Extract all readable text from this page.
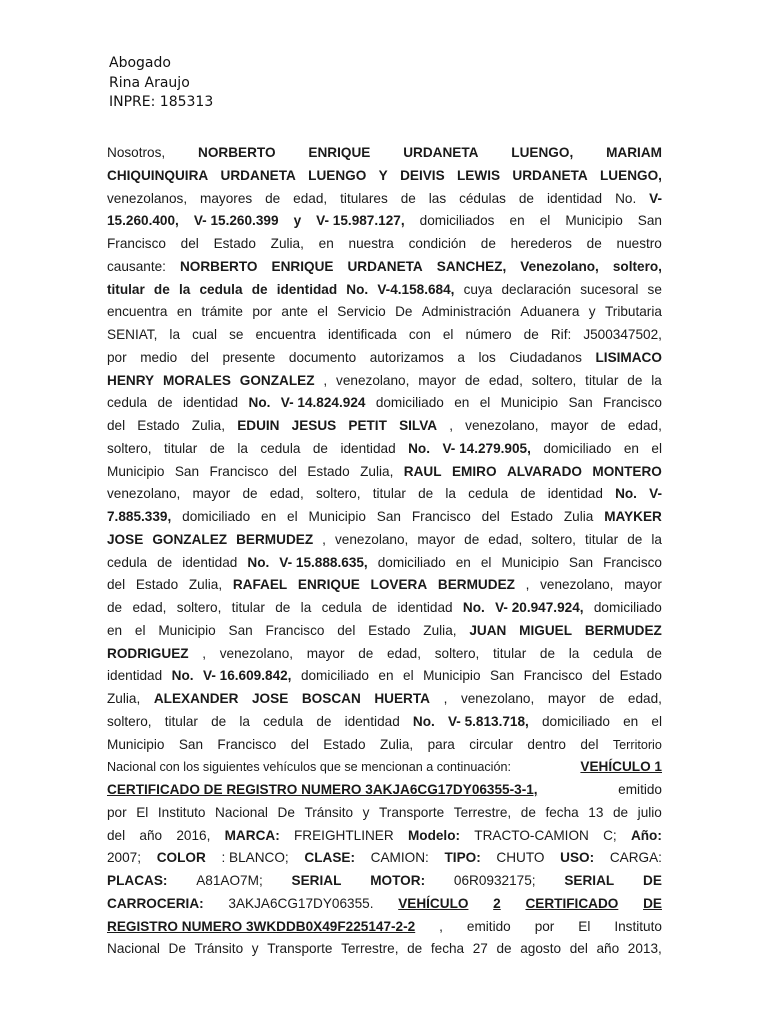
Abogado
Rina Araujo
INPRE: 185313
Nosotros, NORBERTO ENRIQUE URDANETA LUENGO, MARIAM
CHIQUINQUIRA URDANETA LUENGO Y DEIVIS LEWIS URDANETA LUENGO,
venezolanos, mayores de edad, titulares de las cédulas de identidad No. V-
15.260.400, V- 15.260.399 y V- 15.987.127, domiciliados en el Municipio San
Francisco del Estado Zulia, en nuestra condición de herederos de nuestro
causante: NORBERTO ENRIQUE URDANETA SANCHEZ, Venezolano, soltero,
titular de la cedula de identidad No. V-4.158.684, cuya declaración sucesoral se
encuentra en trámite por ante el Servicio De Administración Aduanera y Tributaria
SENIAT, la cual se encuentra identificada con el número de Rif: J500347502,
por medio del presente documento autorizamos a los Ciudadanos LISIMACO
HENRY MORALES GONZALEZ , venezolano, mayor de edad, soltero, titular de la
cedula de identidad No. V- 14.824.924 domiciliado en el Municipio San Francisco
del Estado Zulia, EDUIN JESUS PETIT SILVA , venezolano, mayor de edad,
soltero, titular de la cedula de identidad No. V- 14.279.905, domiciliado en el
Municipio San Francisco del Estado Zulia, RAUL EMIRO ALVARADO MONTERO
venezolano, mayor de edad, soltero, titular de la cedula de identidad No. V-
7.885.339, domiciliado en el Municipio San Francisco del Estado Zulia MAYKER
JOSE GONZALEZ BERMUDEZ , venezolano, mayor de edad, soltero, titular de la
cedula de identidad No. V- 15.888.635, domiciliado en el Municipio San Francisco
del Estado Zulia, RAFAEL ENRIQUE LOVERA BERMUDEZ , venezolano, mayor
de edad, soltero, titular de la cedula de identidad No. V- 20.947.924, domiciliado
en el Municipio San Francisco del Estado Zulia, JUAN MIGUEL BERMUDEZ
RODRIGUEZ , venezolano, mayor de edad, soltero, titular de la cedula de
identidad No. V- 16.609.842, domiciliado en el Municipio San Francisco del Estado
Zulia, ALEXANDER JOSE BOSCAN HUERTA , venezolano, mayor de edad,
soltero, titular de la cedula de identidad No. V- 5.813.718, domiciliado en el
Municipio San Francisco del Estado Zulia, para circular dentro del Territorio
Nacional con los siguientes vehículos que se mencionan a continuación:	VEHÍCULO 1
CERTIFICADO DE REGISTRO NUMERO 3AKJA6CG17DY06355-3-1,	emitido
por El Instituto Nacional De Tránsito y Transporte Terrestre, de fecha 13 de julio
del año 2016, MARCA: FREIGHTLINER Modelo: TRACTO-CAMION C; Año:
2007; COLOR : BLANCO; CLASE: CAMION: TIPO: CHUTO USO: CARGA:
PLACAS: A81AO7M; SERIAL MOTOR: 06R0932175; SERIAL DE
CARROCERIA: 3AKJA6CG17DY06355. VEHÍCULO 2 CERTIFICADO DE
REGISTRO NUMERO 3WKDDB0X49F225147-2-2 , emitido por El Instituto
Nacional De Tránsito y Transporte Terrestre, de fecha 27 de agosto del año 2013,
